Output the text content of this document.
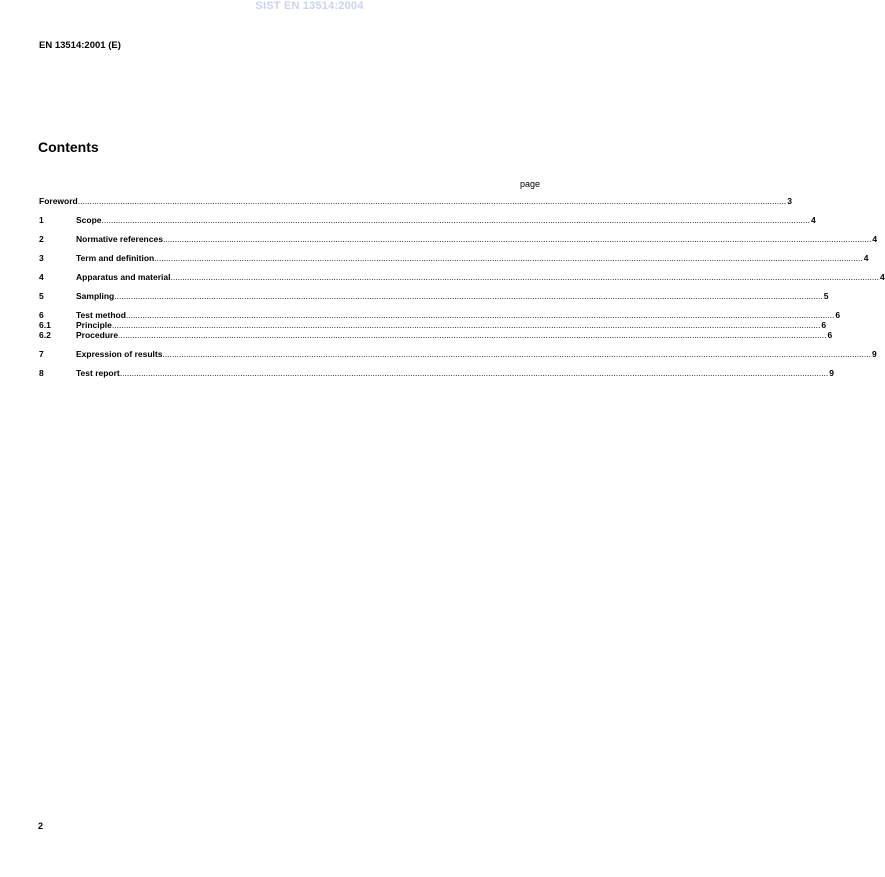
SIST EN 13514:2004
EN 13514:2001 (E)
Contents
page
Foreword ............................................................................................................................................................................................................................................................................................................ 3
1	Scope ............................................................................................................................................................................................................................................................................................................ 4
2	Normative references ............................................................................................................................................................................................................................................................................................................ 4
3	Term and definition ............................................................................................................................................................................................................................................................................................................ 4
4	Apparatus and material ............................................................................................................................................................................................................................................................................................................ 4
5	Sampling ............................................................................................................................................................................................................................................................................................................ 5
6	Test method ............................................................................................................................................................................................................................................................................................................ 6
6.1	Principle ............................................................................................................................................................................................................................................................................................................ 6
6.2	Procedure ............................................................................................................................................................................................................................................................................................................ 6
7	Expression of results ............................................................................................................................................................................................................................................................................................................ 9
8	Test report ............................................................................................................................................................................................................................................................................................................ 9
2
